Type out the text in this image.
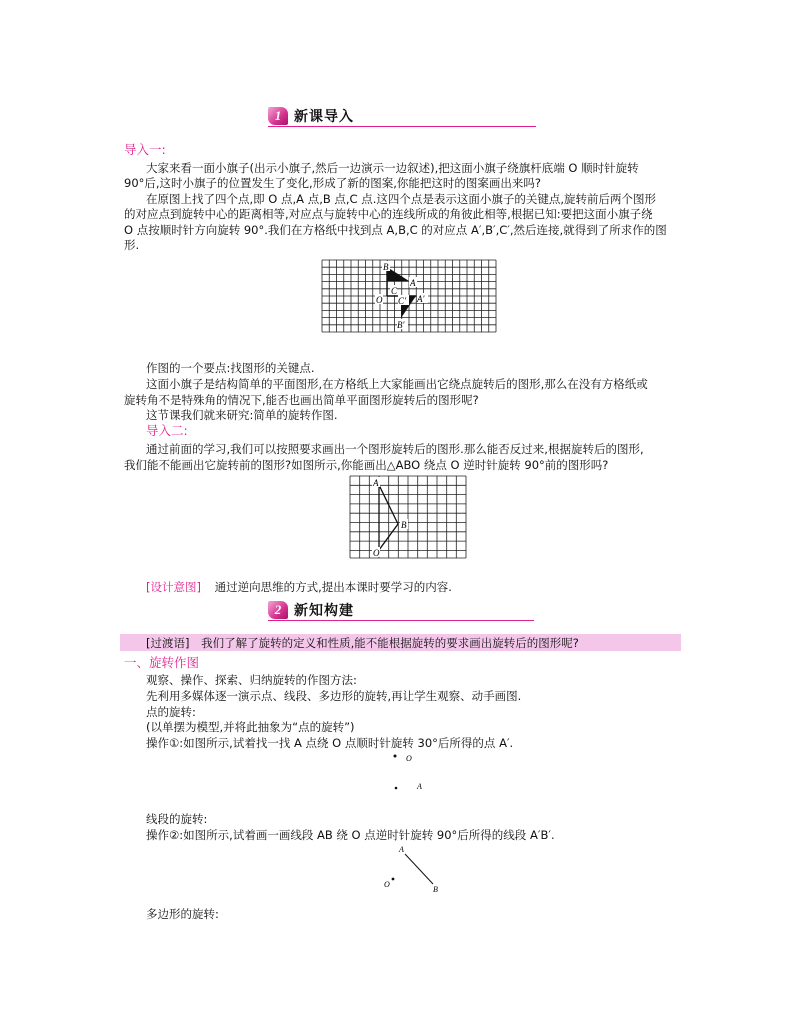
1 新课导入
导入一:
大家来看一面小旗子(出示小旗子,然后一边演示一边叙述),把这面小旗子绕旗杆底端 O 顺时针旋转
90°后,这时小旗子的位置发生了变化,形成了新的图案,你能把这时的图案画出来吗?
在原图上找了四个点,即 O 点,A 点,B 点,C 点.这四个点是表示这面小旗子的关键点,旋转前后两个图形
的对应点到旋转中心的距离相等,对应点与旋转中心的连线所成的角彼此相等,根据已知:要把这面小旗子绕
O 点按顺时针方向旋转 90°.我们在方格纸中找到点 A,B,C 的对应点 A′,B′,C′,然后连接,就得到了所求作的图
形.
B
A
C
O	A′
B′
C′
作图的一个要点:找图形的关键点.
这面小旗子是结构简单的平面图形,在方格纸上大家能画出它绕点旋转后的图形,那么在没有方格纸或
旋转角不是特殊角的情况下,能否也画出简单平面图形旋转后的图形呢?
这节课我们就来研究:简单的旋转作图.
导入二:
通过前面的学习,我们可以按照要求画出一个图形旋转后的图形.那么能否反过来,根据旋转后的图形,
我们能不能画出它旋转前的图形?如图所示,你能画出△ABO 绕点 O 逆时针旋转 90°前的图形吗?
A
B
O
[设计意图] 通过逆向思维的方式,提出本课时要学习的内容.
2 新知构建
[过渡语] 我们了解了旋转的定义和性质,能不能根据旋转的要求画出旋转后的图形呢?
一、旋转作图
观察、操作、探索、归纳旋转的作图方法:
先利用多媒体逐一演示点、线段、多边形的旋转,再让学生观察、动手画图.
点的旋转:
(以单摆为模型,并将此抽象为“点的旋转”)
操作①:如图所示,试着找一找 A 点绕 O 点顺时针旋转 30°后所得的点 A′.
O
A
线段的旋转:
操作②:如图所示,试着画一画线段 AB 绕 O 点逆时针旋转 90°后所得的线段 A′B′.
A
O
B
多边形的旋转:
